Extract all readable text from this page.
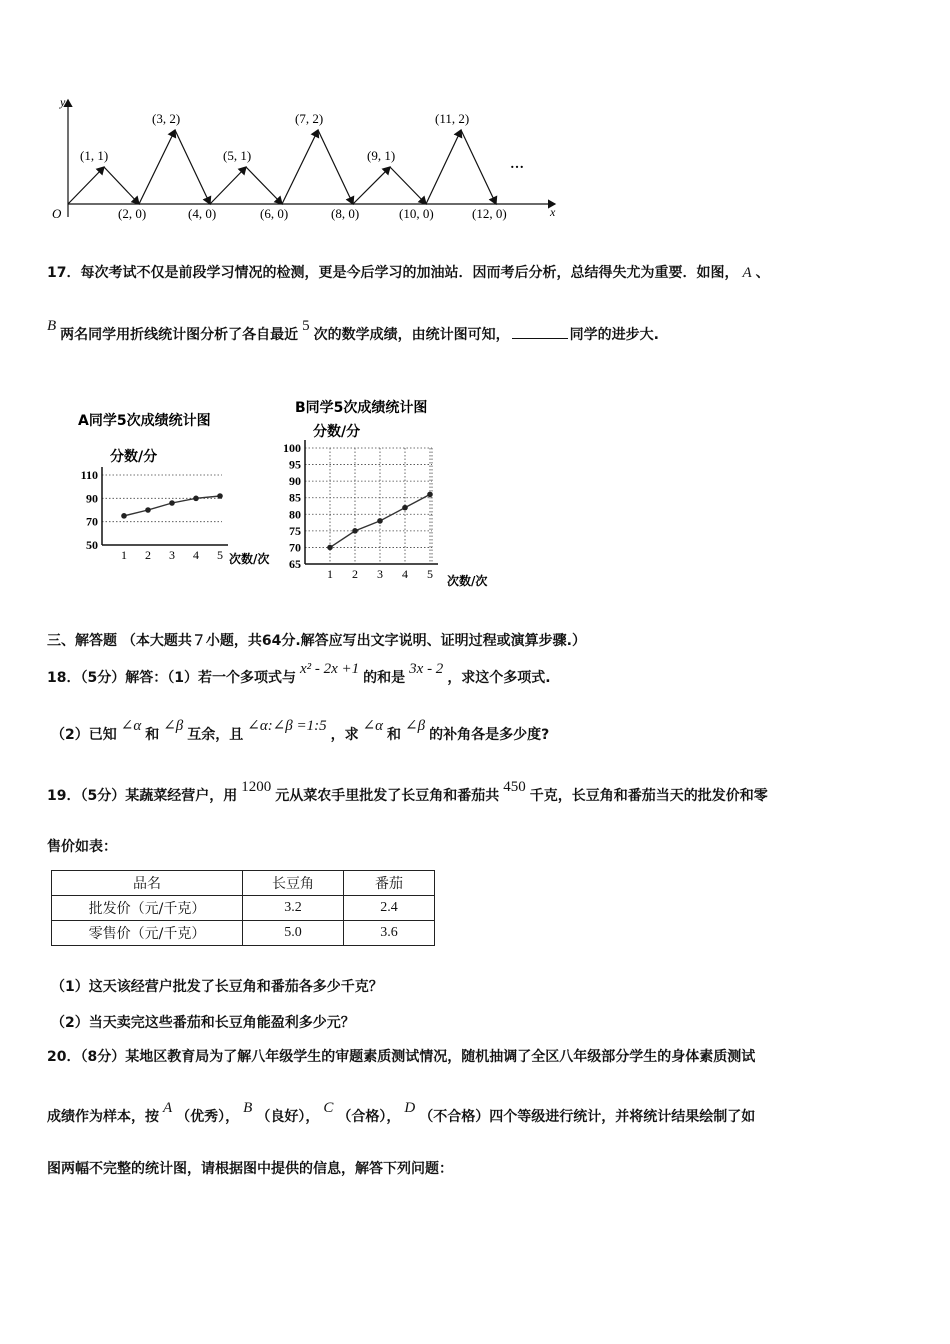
y
x
O
(1, 1)
(3, 2)
(5, 1)
(7, 2)
(9, 1)
(11, 2)
(2, 0)	(4, 0)	(6, 0)	(8, 0)	(10, 0)	(12, 0)
…
17．每次考试不仅是前段学习情况的检测，更是今后学习的加油站．因而考后分析，总结得失尤为重要．如图， A 、
B两名同学用折线统计图分析了各自最近5次的数学成绩，由统计图可知，	同学的进步大.
A同学5次成绩统计图
分数/分
次数/次
50
70
90
110
1 2 3 4 5
B同学5次成绩统计图
分数/分
次数/次
65
70
75
80
85
90
95
100
1 2 3 4 5
三、解答题 （本大题共７小题，共64分.解答应写出文字说明、证明过程或演算步骤.）
18．（5分）解答：（1）若一个多项式与x² - 2x +1的和是3x - 2，求这个多项式.
（2）已知∠α和∠β互余，且∠α:∠β =1:5，求∠α和∠β的补角各是多少度?
19．（5分）某蔬菜经营户，用1200元从菜农手里批发了长豆角和番茄共450千克，长豆角和番茄当天的批发价和零
售价如表：
品名	长豆角	番茄
批发价（元/千克）	3.2	2.4
零售价（元/千克）	5.0	3.6
（1）这天该经营户批发了长豆角和番茄各多少千克？
（2）当天卖完这些番茄和长豆角能盈利多少元？
20．（8分）某地区教育局为了解八年级学生的审题素质测试情况，随机抽调了全区八年级部分学生的身体素质测试
成绩作为样本，按A（优秀），B（良好），C（合格），D（不合格）四个等级进行统计，并将统计结果绘制了如
图两幅不完整的统计图，请根据图中提供的信息，解答下列问题：
